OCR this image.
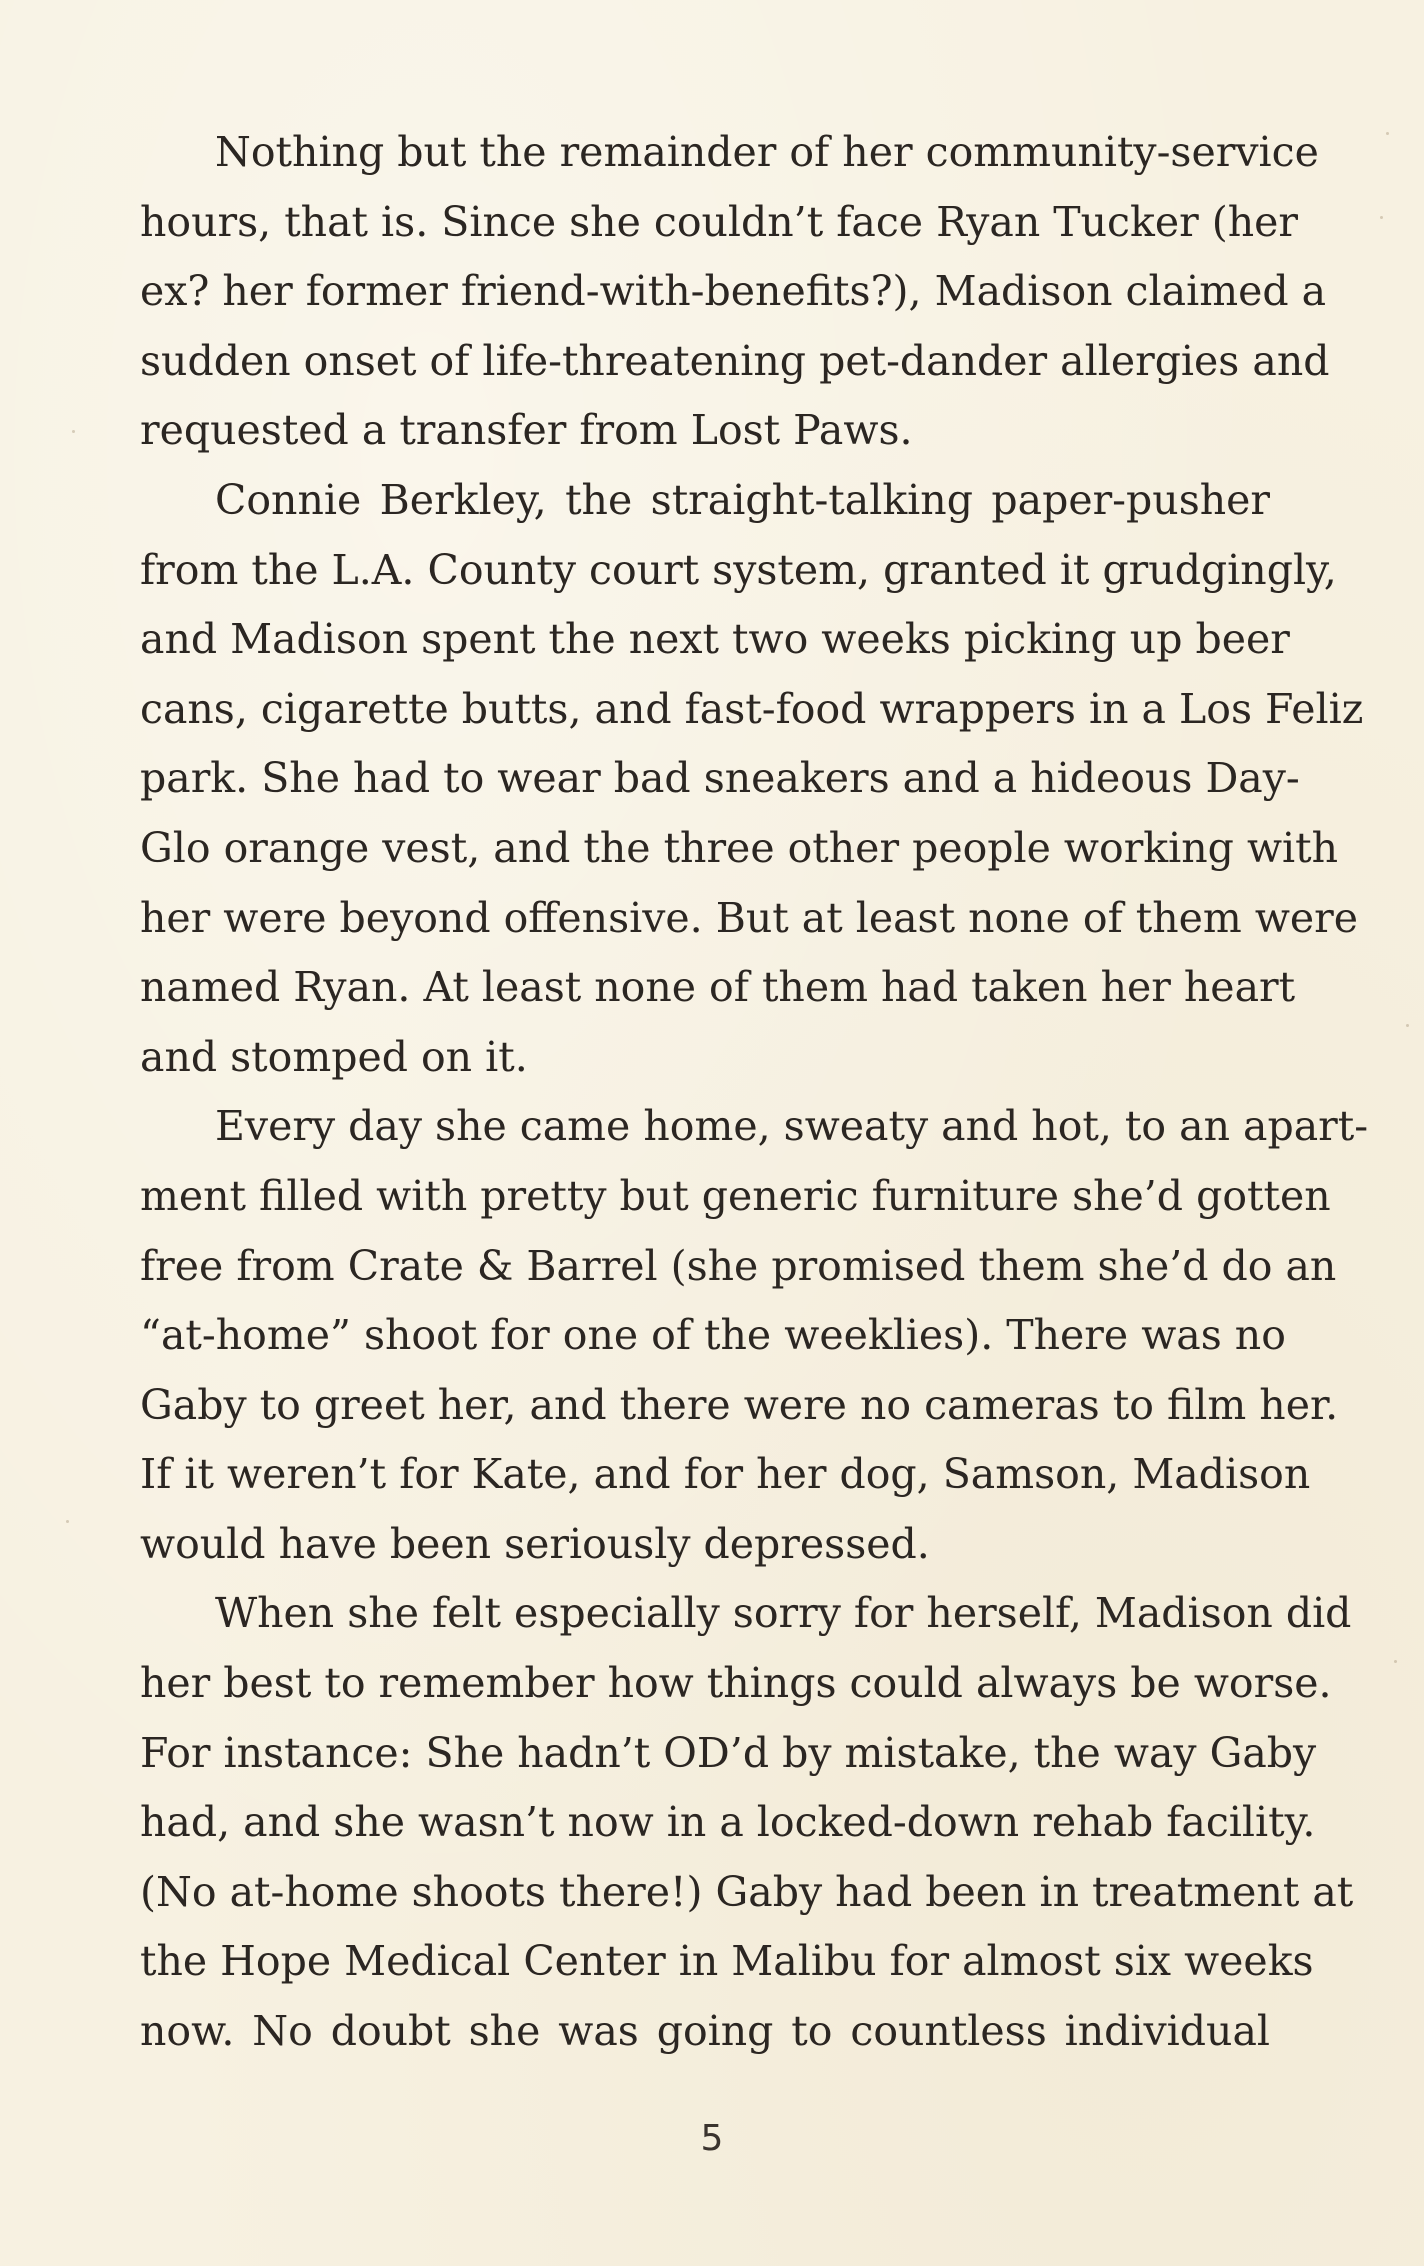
Nothing but the remainder of her community-service
hours, that is. Since she couldn’t face Ryan Tucker (her
ex? her former friend-with-benefits?), Madison claimed a
sudden onset of life-threatening pet-dander allergies and
requested a transfer from Lost Paws.
Connie Berkley, the straight-talking paper-pusher
from the L.A. County court system, granted it grudgingly,
and Madison spent the next two weeks picking up beer
cans, cigarette butts, and fast-food wrappers in a Los Feliz
park. She had to wear bad sneakers and a hideous Day-
Glo orange vest, and the three other people working with
her were beyond offensive. But at least none of them were
named Ryan. At least none of them had taken her heart
and stomped on it.
Every day she came home, sweaty and hot, to an apart-
ment filled with pretty but generic furniture she’d gotten
free from Crate & Barrel (she promised them she’d do an
“at-home” shoot for one of the weeklies). There was no
Gaby to greet her, and there were no cameras to film her.
If it weren’t for Kate, and for her dog, Samson, Madison
would have been seriously depressed.
When she felt especially sorry for herself, Madison did
her best to remember how things could always be worse.
For instance: She hadn’t OD’d by mistake, the way Gaby
had, and she wasn’t now in a locked-down rehab facility.
(No at-home shoots there!) Gaby had been in treatment at
the Hope Medical Center in Malibu for almost six weeks
now. No doubt she was going to countless individual
5
